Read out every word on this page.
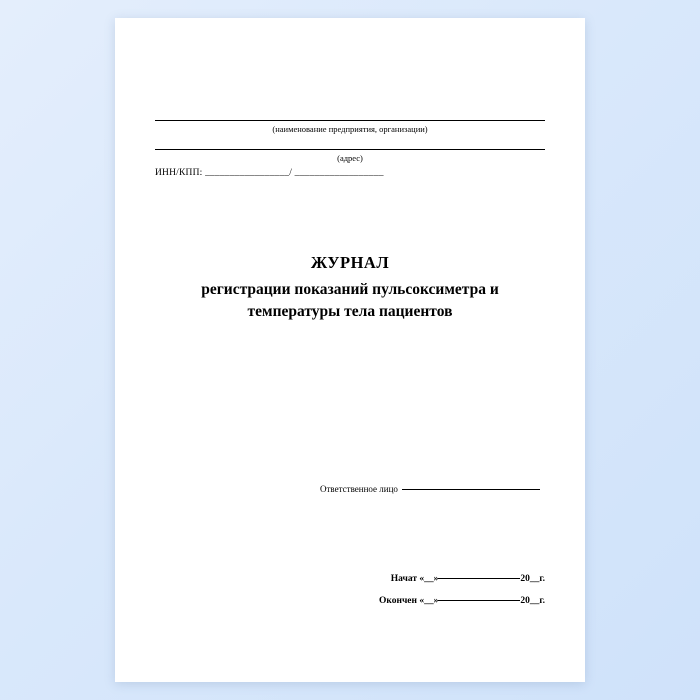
(наименование предприятия, организации)
(адрес)
ИНН/КПП: _________________/ __________________
ЖУРНАЛ
регистрации показаний пульсоксиметра и
температуры тела пациентов
Ответственное лицо
Начат «__»	20__г.
Окончен «__»	20__г.
